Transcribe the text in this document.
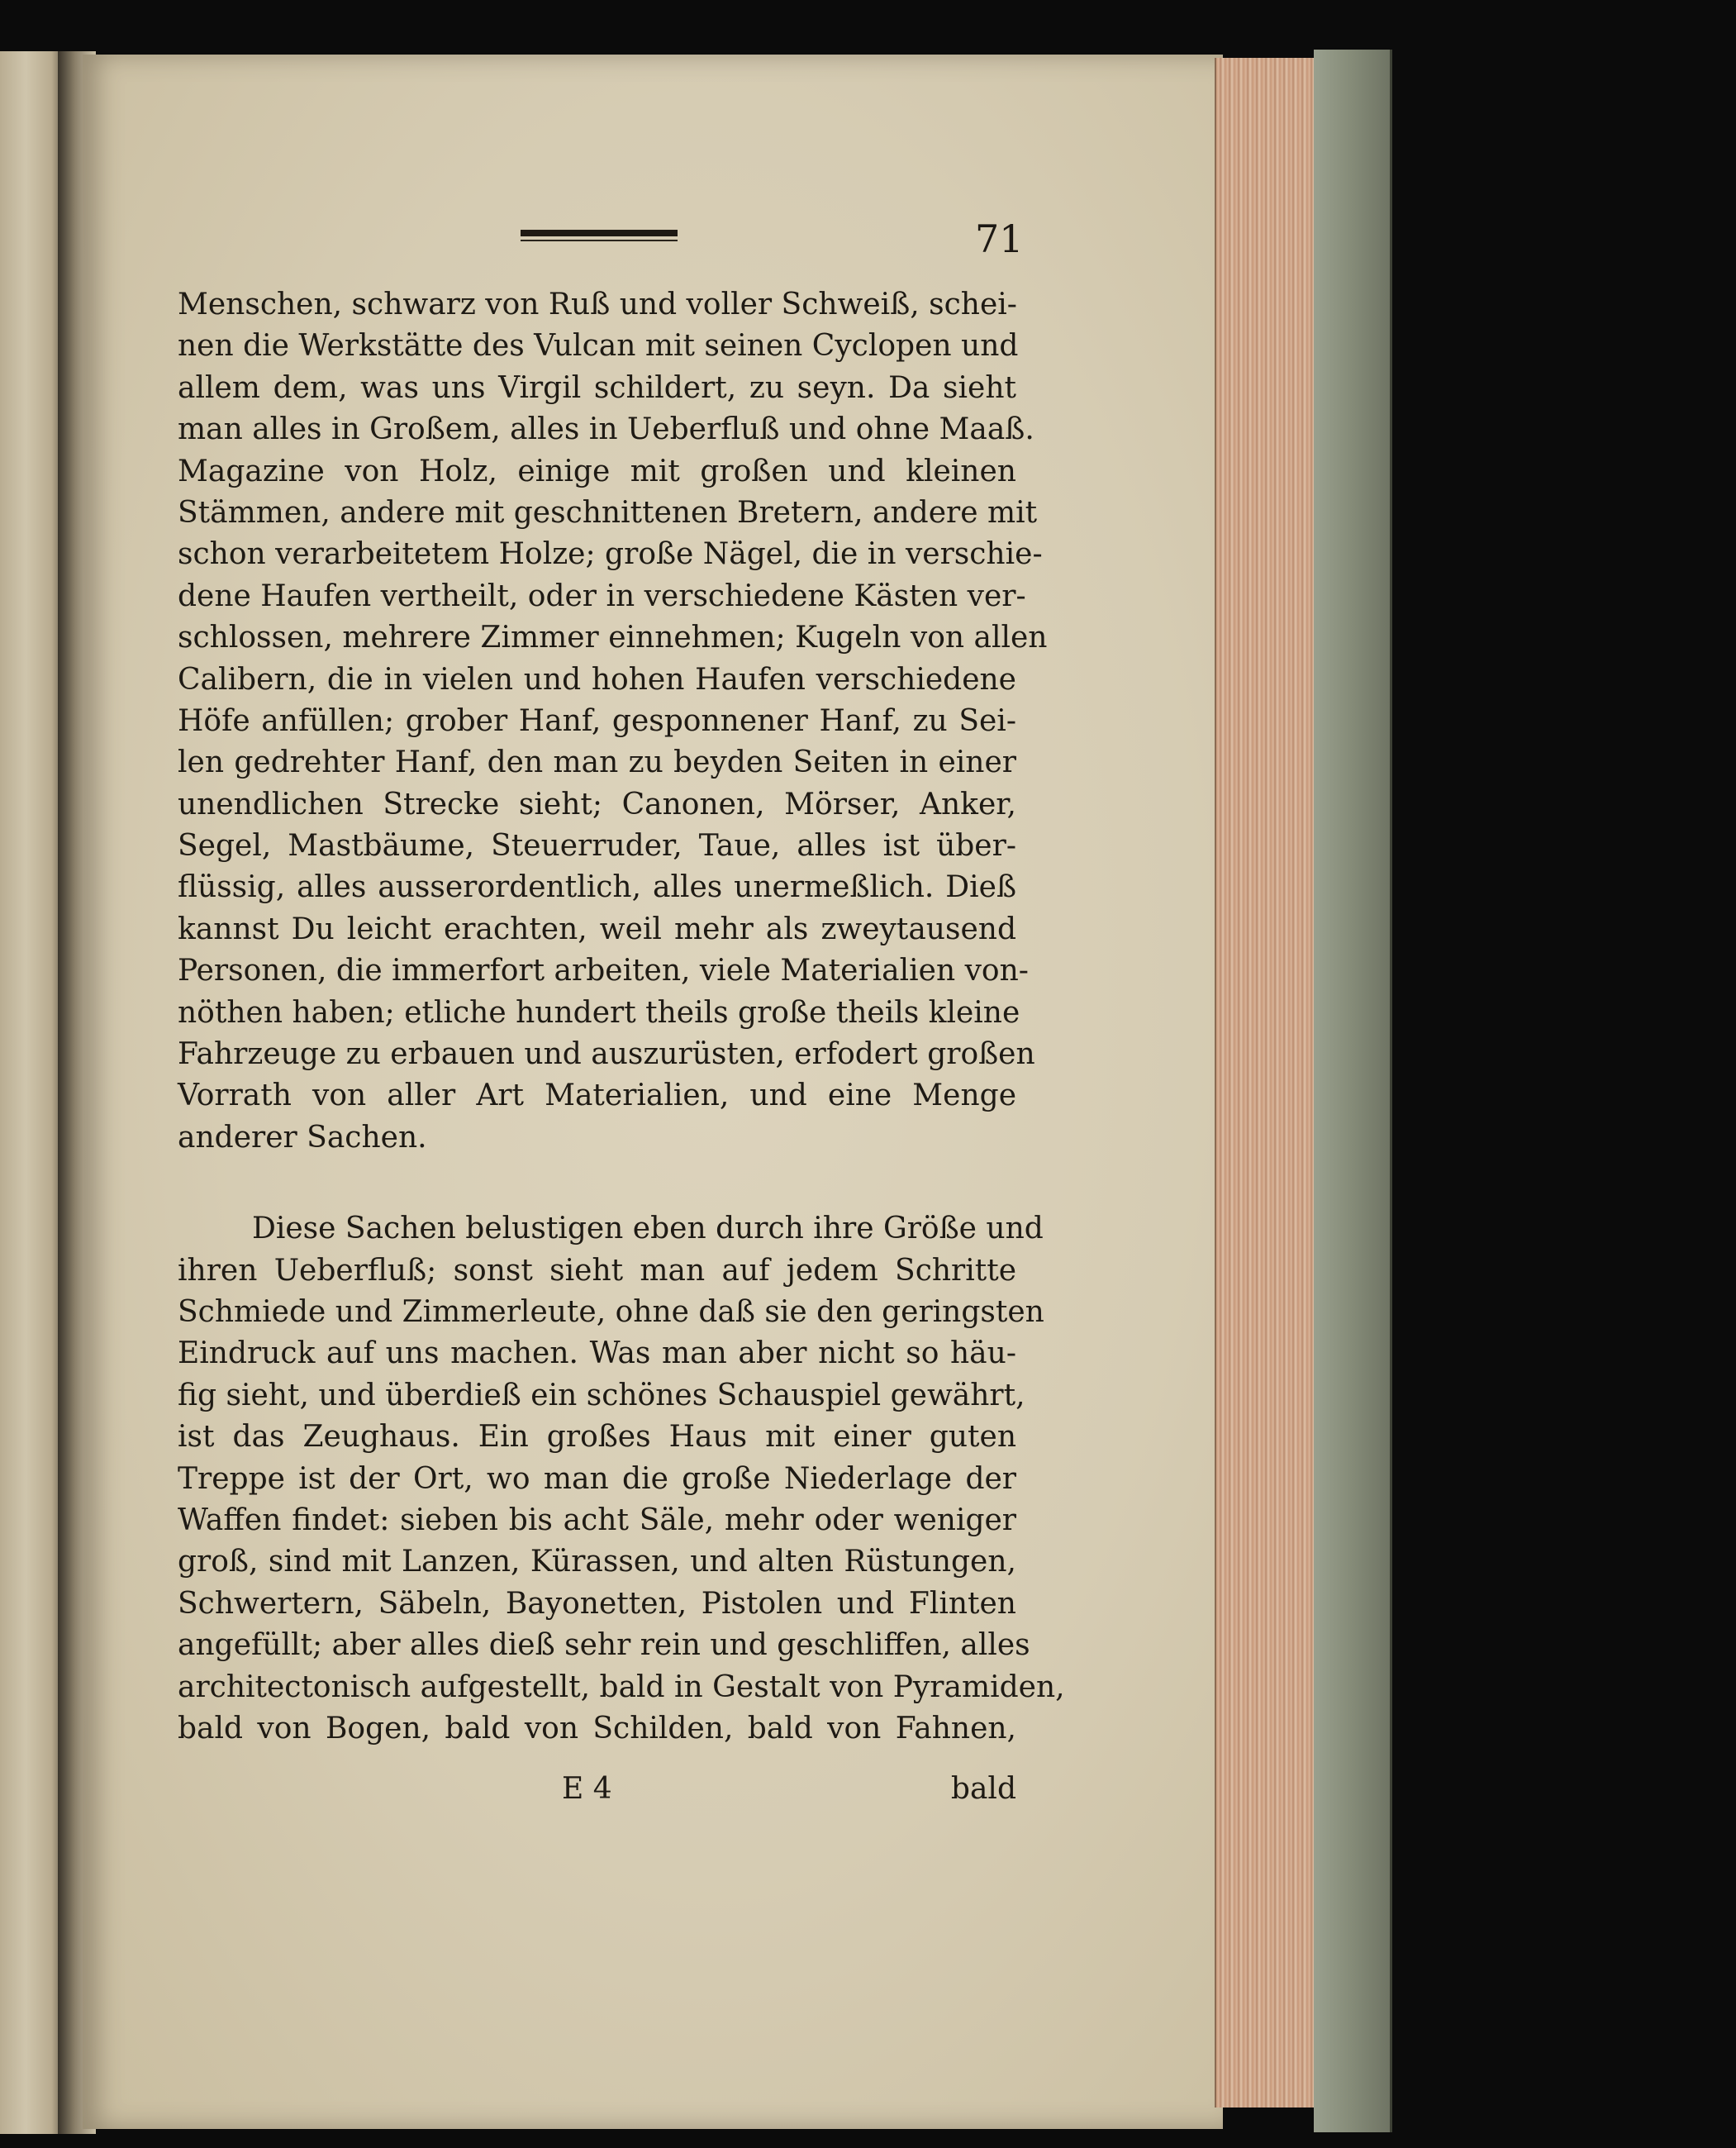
71
Menschen, schwarz von Ruß und voller Schweiß, schei-
nen die Werkstätte des Vulcan mit seinen Cyclopen und
allem dem, was uns Virgil schildert, zu seyn. Da sieht
man alles in Großem, alles in Ueberfluß und ohne Maaß.
Magazine von Holz, einige mit großen und kleinen
Stämmen, andere mit geschnittenen Bretern, andere mit
schon verarbeitetem Holze; große Nägel, die in verschie-
dene Haufen vertheilt, oder in verschiedene Kästen ver-
schlossen, mehrere Zimmer einnehmen; Kugeln von allen
Calibern, die in vielen und hohen Haufen verschiedene
Höfe anfüllen; grober Hanf, gesponnener Hanf, zu Sei-
len gedrehter Hanf, den man zu beyden Seiten in einer
unendlichen Strecke sieht; Canonen, Mörser, Anker,
Segel, Mastbäume, Steuerruder, Taue, alles ist über-
flüssig, alles ausserordentlich, alles unermeßlich. Dieß
kannst Du leicht erachten, weil mehr als zweytausend
Personen, die immerfort arbeiten, viele Materialien von-
nöthen haben; etliche hundert theils große theils kleine
Fahrzeuge zu erbauen und auszurüsten, erfodert großen
Vorrath von aller Art Materialien, und eine Menge
anderer Sachen.
Diese Sachen belustigen eben durch ihre Größe und
ihren Ueberfluß; sonst sieht man auf jedem Schritte
Schmiede und Zimmerleute, ohne daß sie den geringsten
Eindruck auf uns machen. Was man aber nicht so häu-
fig sieht, und überdieß ein schönes Schauspiel gewährt,
ist das Zeughaus. Ein großes Haus mit einer guten
Treppe ist der Ort, wo man die große Niederlage der
Waffen findet: sieben bis acht Säle, mehr oder weniger
groß, sind mit Lanzen, Kürassen, und alten Rüstungen,
Schwertern, Säbeln, Bayonetten, Pistolen und Flinten
angefüllt; aber alles dieß sehr rein und geschliffen, alles
architectonisch aufgestellt, bald in Gestalt von Pyramiden,
bald von Bogen, bald von Schilden, bald von Fahnen,
E 4	bald
